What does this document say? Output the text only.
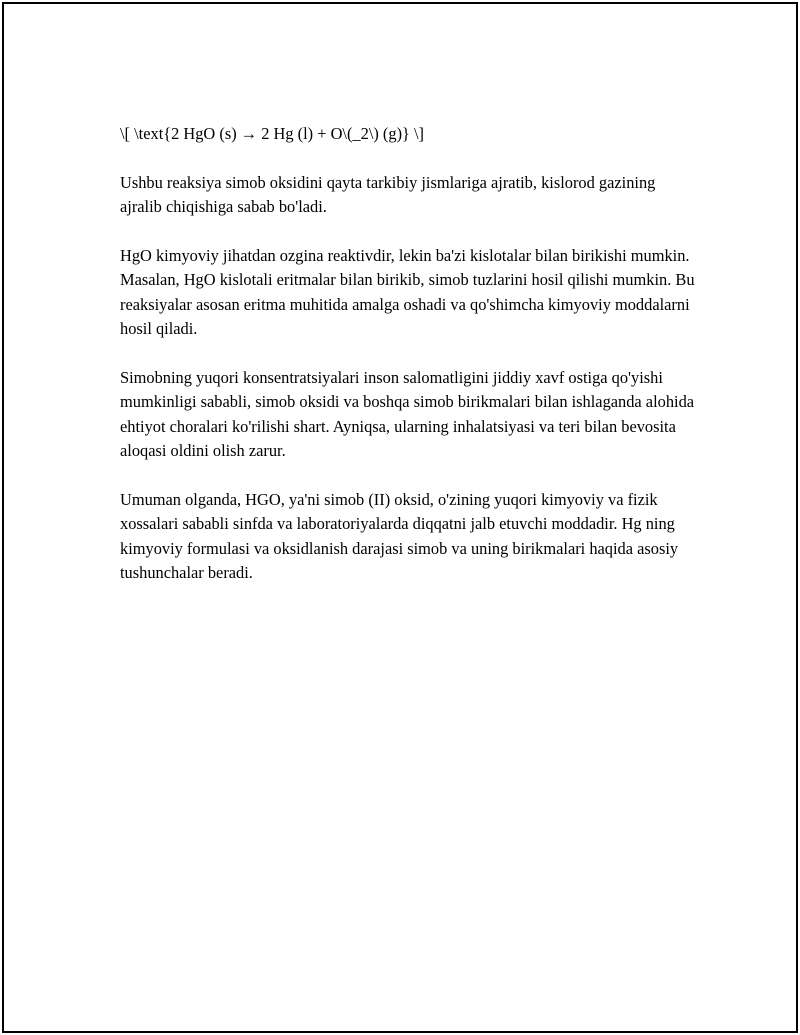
\[ \text{2 HgO (s) → 2 Hg (l) + O\(_2\) (g)} \]

Ushbu reaksiya simob oksidini qayta tarkibiy jismlariga ajratib, kislorod gazining ajralib chiqishiga sabab bo'ladi.

HgO kimyoviy jihatdan ozgina reaktivdir, lekin ba'zi kislotalar bilan birikishi mumkin. Masalan, HgO kislotali eritmalar bilan birikib, simob tuzlarini hosil qilishi mumkin. Bu reaksiyalar asosan eritma muhitida amalga oshadi va qo'shimcha kimyoviy moddalarni hosil qiladi.

Simobning yuqori konsentratsiyalari inson salomatligini jiddiy xavf ostiga qo'yishi mumkinligi sababli, simob oksidi va boshqa simob birikmalari bilan ishlaganda alohida ehtiyot choralari ko'rilishi shart. Ayniqsa, ularning inhalatsiyasi va teri bilan bevosita aloqasi oldini olish zarur.

Umuman olganda, HGO, ya'ni simob (II) oksid, o'zining yuqori kimyoviy va fizik xossalari sababli sinfda va laboratoriyalarda diqqatni jalb etuvchi moddadir. Hg ning kimyoviy formulasi va oksidlanish darajasi simob va uning birikmalari haqida asosiy tushunchalar beradi.
